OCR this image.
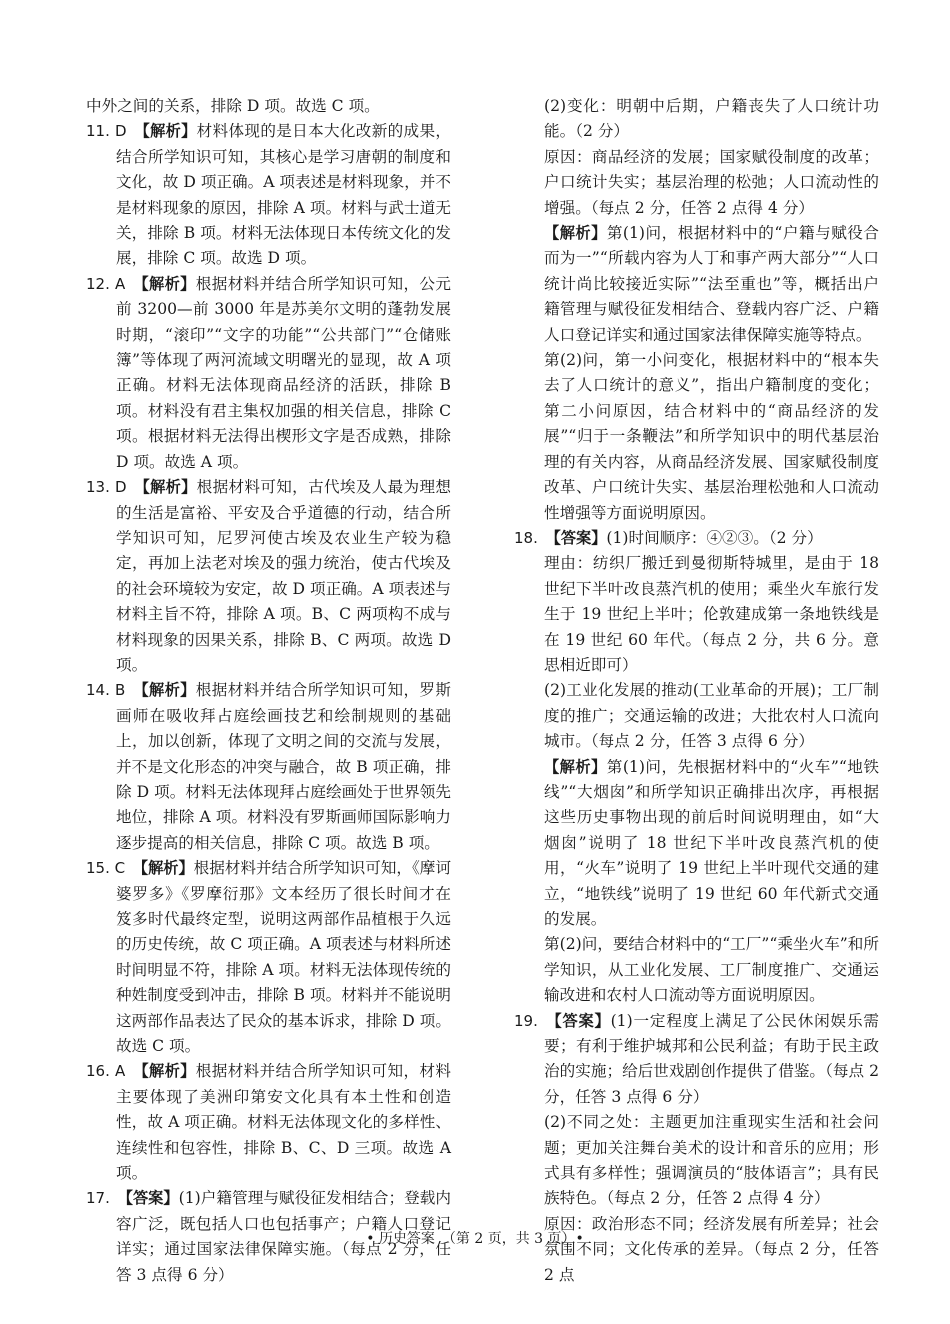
中外之间的关系，排除 D 项。故选 C 项。

11. D  【解析】材料体现的是日本大化改新的成果，结合所学知识可知，其核心是学习唐朝的制度和文化，故 D 项正确。A 项表述是材料现象，并不是材料现象的原因，排除 A 项。材料与武士道无关，排除 B 项。材料无法体现日本传统文化的发展，排除 C 项。故选 D 项。

12. A  【解析】根据材料并结合所学知识可知，公元前 3200—前 3000 年是苏美尔文明的蓬勃发展时期，“滚印”“文字的功能”“公共部门”“仓储账簿”等体现了两河流域文明曙光的显现，故 A 项正确。材料无法体现商品经济的活跃，排除 B 项。材料没有君主集权加强的相关信息，排除 C 项。根据材料无法得出楔形文字是否成熟，排除 D 项。故选 A 项。

13. D  【解析】根据材料可知，古代埃及人最为理想的生活是富裕、平安及合乎道德的行动，结合所学知识可知，尼罗河使古埃及农业生产较为稳定，再加上法老对埃及的强力统治，使古代埃及的社会环境较为安定，故 D 项正确。A 项表述与材料主旨不符，排除 A 项。B、C 两项构不成与材料现象的因果关系，排除 B、C 两项。故选 D 项。

14. B  【解析】根据材料并结合所学知识可知，罗斯画师在吸收拜占庭绘画技艺和绘制规则的基础上，加以创新，体现了文明之间的交流与发展，并不是文化形态的冲突与融合，故 B 项正确，排除 D 项。材料无法体现拜占庭绘画处于世界领先地位，排除 A 项。材料没有罗斯画师国际影响力逐步提高的相关信息，排除 C 项。故选 B 项。

15. C  【解析】根据材料并结合所学知识可知，《摩诃婆罗多》《罗摩衍那》文本经历了很长时间才在笈多时代最终定型，说明这两部作品植根于久远的历史传统，故 C 项正确。A 项表述与材料所述时间明显不符，排除 A 项。材料无法体现传统的种姓制度受到冲击，排除 B 项。材料并不能说明这两部作品表达了民众的基本诉求，排除 D 项。故选 C 项。

16. A  【解析】根据材料并结合所学知识可知，材料主要体现了美洲印第安文化具有本土性和创造性，故 A 项正确。材料无法体现文化的多样性、连续性和包容性，排除 B、C、D 三项。故选 A 项。

17.  【答案】(1)户籍管理与赋役征发相结合；登载内容广泛，既包括人口也包括事产；户籍人口登记详实；通过国家法律保障实施。（每点 2 分，任答 3 点得 6 分）

(2)变化：明朝中后期，户籍丧失了人口统计功能。（2 分）

原因：商品经济的发展；国家赋役制度的改革；户口统计失实；基层治理的松弛；人口流动性的增强。（每点 2 分，任答 2 点得 4 分）

【解析】第(1)问，根据材料中的“户籍与赋役合而为一”“所载内容为人丁和事产两大部分”“人口统计尚比较接近实际”“法至重也”等，概括出户籍管理与赋役征发相结合、登载内容广泛、户籍人口登记详实和通过国家法律保障实施等特点。

第(2)问，第一小问变化，根据材料中的“根本失去了人口统计的意义”，指出户籍制度的变化；第二小问原因，结合材料中的“商品经济的发展”“归于一条鞭法”和所学知识中的明代基层治理的有关内容，从商品经济发展、国家赋役制度改革、户口统计失实、基层治理松弛和人口流动性增强等方面说明原因。

18.  【答案】(1)时间顺序：④②③。（2 分）

理由：纺织厂搬迁到曼彻斯特城里，是由于 18 世纪下半叶改良蒸汽机的使用；乘坐火车旅行发生于 19 世纪上半叶；伦敦建成第一条地铁线是在 19 世纪 60 年代。（每点 2 分，共 6 分。意思相近即可）

(2)工业化发展的推动(工业革命的开展)；工厂制度的推广；交通运输的改进；大批农村人口流向城市。（每点 2 分，任答 3 点得 6 分）

【解析】第(1)问，先根据材料中的“火车”“地铁线”“大烟囱”和所学知识正确排出次序，再根据这些历史事物出现的前后时间说明理由，如“大烟囱”说明了 18 世纪下半叶改良蒸汽机的使用，“火车”说明了 19 世纪上半叶现代交通的建立，“地铁线”说明了 19 世纪 60 年代新式交通的发展。

第(2)问，要结合材料中的“工厂”“乘坐火车”和所学知识，从工业化发展、工厂制度推广、交通运输改进和农村人口流动等方面说明原因。

19.  【答案】(1)一定程度上满足了公民休闲娱乐需要；有利于维护城邦和公民利益；有助于民主政治的实施；给后世戏剧创作提供了借鉴。（每点 2 分，任答 3 点得 6 分）

(2)不同之处：主题更加注重现实生活和社会问题；更加关注舞台美术的设计和音乐的应用；形式具有多样性；强调演员的“肢体语言”；具有民族特色。（每点 2 分，任答 2 点得 4 分）

原因：政治形态不同；经济发展有所差异；社会氛围不同；文化传承的差异。（每点 2 分，任答 2 点

• 历史答案　（第 2 页，共 3 页）•
